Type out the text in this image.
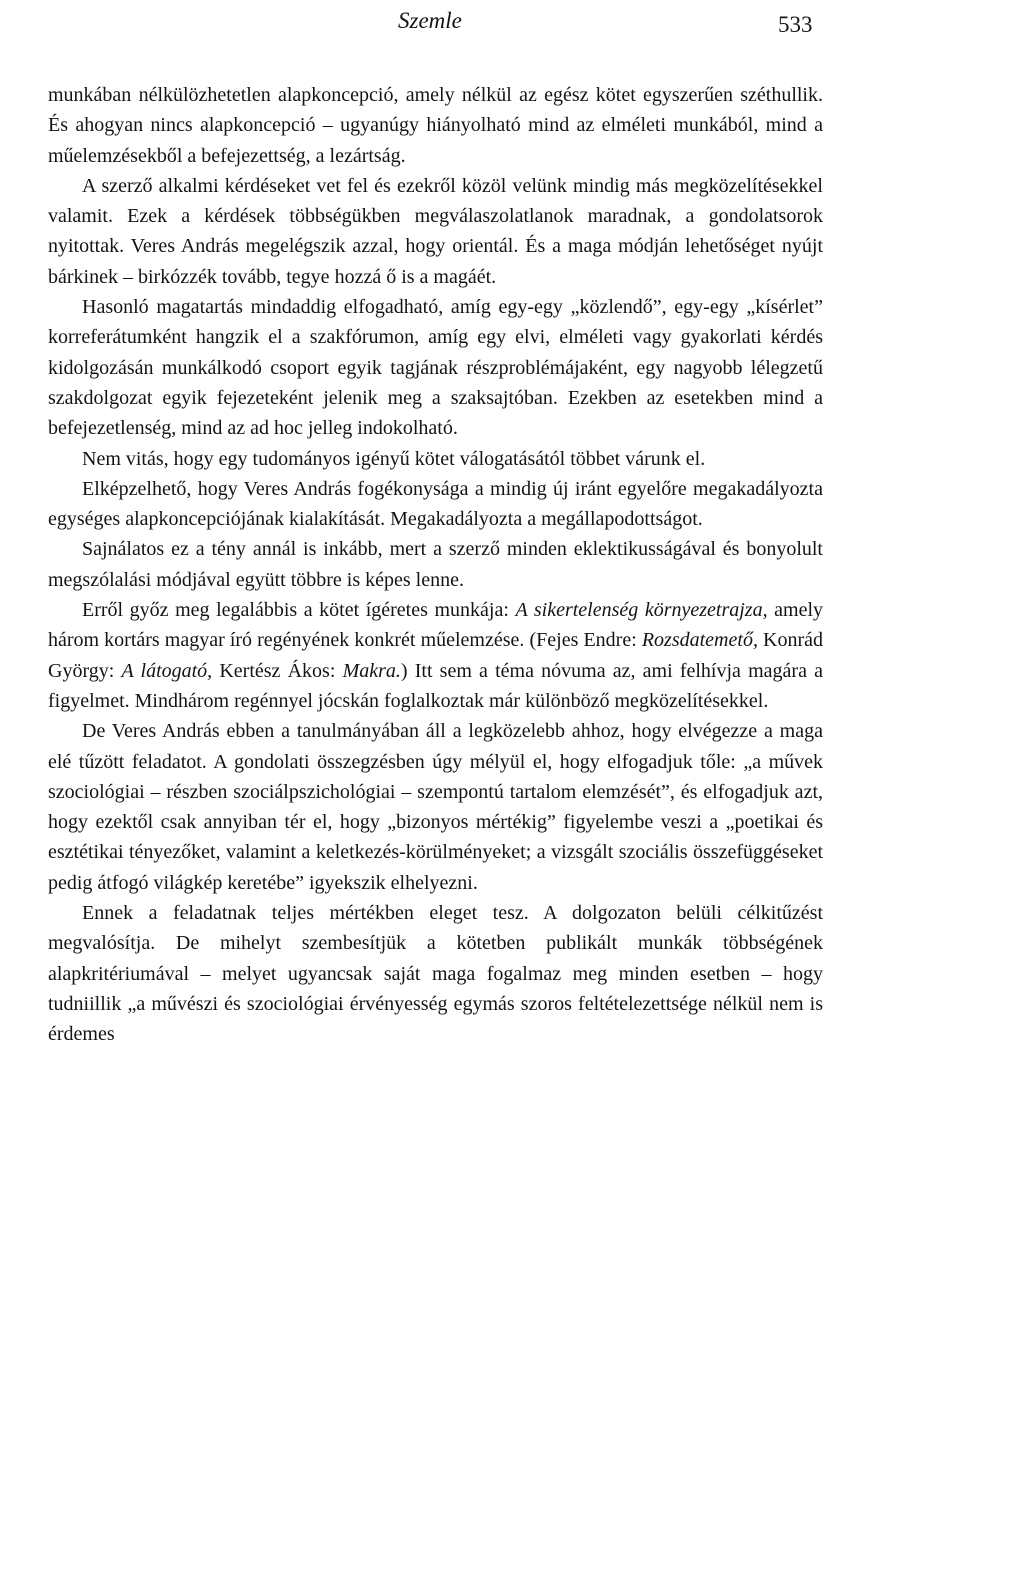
Szemle	533

munkában nélkülözhetetlen alapkoncepció, amely nélkül az egész kötet egyszerűen széthullik. És ahogyan nincs alapkoncepció – ugyanúgy hiányolható mind az elméleti munkából, mind a műelemzésekből a befejezettség, a lezártság.

A szerző alkalmi kérdéseket vet fel és ezekről közöl velünk mindig más megközelítésekkel valamit. Ezek a kérdések többségükben megválaszolatlanok maradnak, a gondolatsorok nyitottak. Veres András megelégszik azzal, hogy orientál. És a maga módján lehetőséget nyújt bárkinek – birkózzék tovább, tegye hozzá ő is a magáét.

Hasonló magatartás mindaddig elfogadható, amíg egy-egy „közlendő”, egy-egy „kísérlet” korreferátumként hangzik el a szakfórumon, amíg egy elvi, elméleti vagy gyakorlati kérdés kidolgozásán munkálkodó csoport egyik tagjának részproblémájaként, egy nagyobb lélegzetű szakdolgozat egyik fejezeteként jelenik meg a szaksajtóban. Ezekben az esetekben mind a befejezetlenség, mind az ad hoc jelleg indokolható.

Nem vitás, hogy egy tudományos igényű kötet válogatásától többet várunk el.

Elképzelhető, hogy Veres András fogékonysága a mindig új iránt egyelőre megakadályozta egységes alapkoncepciójának kialakítását. Megakadályozta a megállapodottságot.

Sajnálatos ez a tény annál is inkább, mert a szerző minden eklektikusságával és bonyolult megszólalási módjával együtt többre is képes lenne.

Erről győz meg legalábbis a kötet ígéretes munkája: A sikertelenség környezetrajza, amely három kortárs magyar író regényének konkrét műelemzése. (Fejes Endre: Rozsdatemető, Konrád György: A látogató, Kertész Ákos: Makra.) Itt sem a téma nóvuma az, ami felhívja magára a figyelmet. Mindhárom regénnyel jócskán foglalkoztak már különböző megközelítésekkel.

De Veres András ebben a tanulmányában áll a legközelebb ahhoz, hogy elvégezze a maga elé tűzött feladatot. A gondolati összegzésben úgy mélyül el, hogy elfogadjuk tőle: „a művek szociológiai – részben szociálpszichológiai – szempontú tartalom elemzését”, és elfogadjuk azt, hogy ezektől csak annyiban tér el, hogy „bizonyos mértékig” figyelembe veszi a „poetikai és esztétikai tényezőket, valamint a keletkezés-körülményeket; a vizsgált szociális összefüggéseket pedig átfogó világkép keretébe” igyekszik elhelyezni.

Ennek a feladatnak teljes mértékben eleget tesz. A dolgozaton belüli célkitűzést megvalósítja. De mihelyt szembesítjük a kötetben publikált munkák többségének alapkritériumával – melyet ugyancsak saját maga fogalmaz meg minden esetben – hogy tudniillik „a művészi és szociológiai érvényesség egymás szoros feltételezettsége nélkül nem is érdemes
